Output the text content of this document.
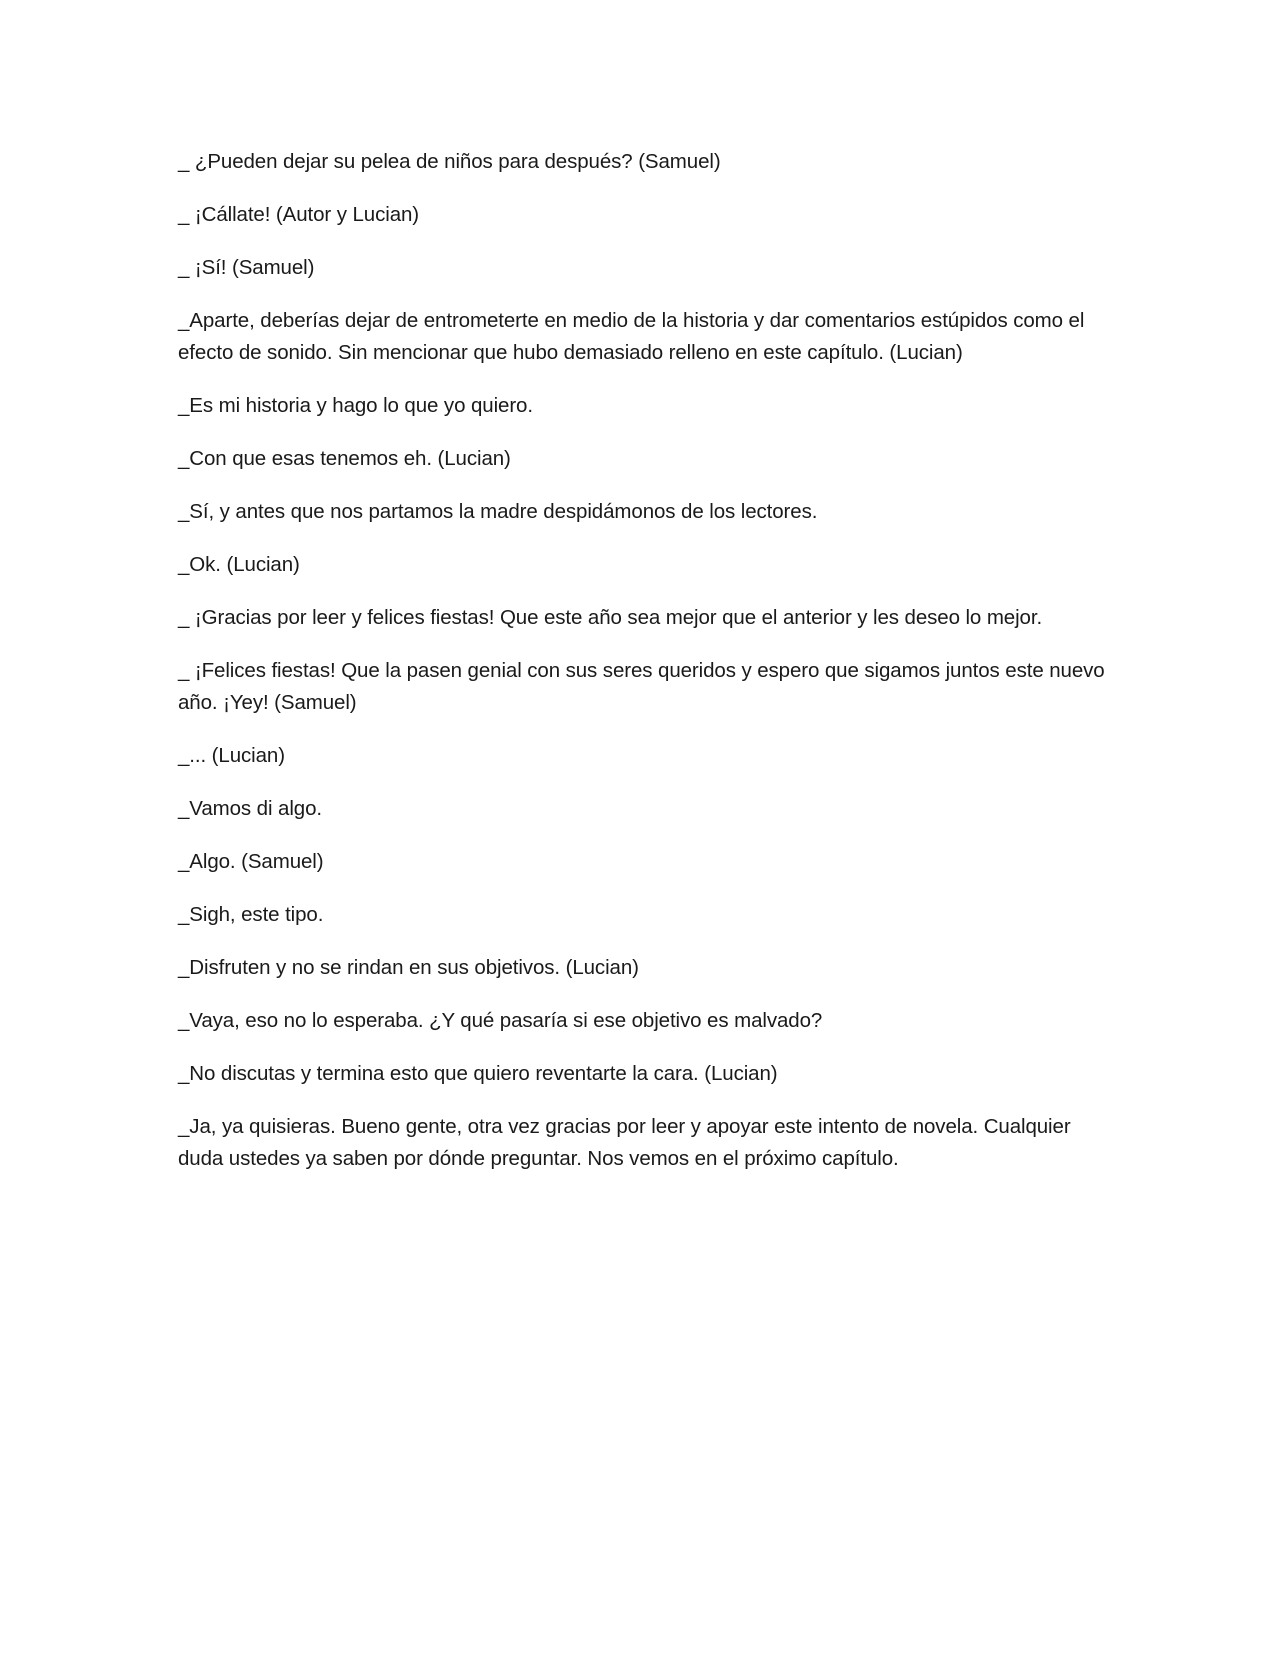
_ ¿Pueden dejar su pelea de niños para después? (Samuel)

_ ¡Cállate! (Autor y Lucian)

_ ¡Sí! (Samuel)

_Aparte, deberías dejar de entrometerte en medio de la historia y dar comentarios estúpidos como el efecto de sonido. Sin mencionar que hubo demasiado relleno en este capítulo. (Lucian)

_Es mi historia y hago lo que yo quiero.

_Con que esas tenemos eh. (Lucian)

_Sí, y antes que nos partamos la madre despidámonos de los lectores.

_Ok. (Lucian)

_ ¡Gracias por leer y felices fiestas! Que este año sea mejor que el anterior y les deseo lo mejor.

_ ¡Felices fiestas! Que la pasen genial con sus seres queridos y espero que sigamos juntos este nuevo año. ¡Yey! (Samuel)

_... (Lucian)

_Vamos di algo.

_Algo. (Samuel)

_Sigh, este tipo.

_Disfruten y no se rindan en sus objetivos. (Lucian)

_Vaya, eso no lo esperaba. ¿Y qué pasaría si ese objetivo es malvado?

_No discutas y termina esto que quiero reventarte la cara. (Lucian)

_Ja, ya quisieras. Bueno gente, otra vez gracias por leer y apoyar este intento de novela. Cualquier duda ustedes ya saben por dónde preguntar. Nos vemos en el próximo capítulo.
